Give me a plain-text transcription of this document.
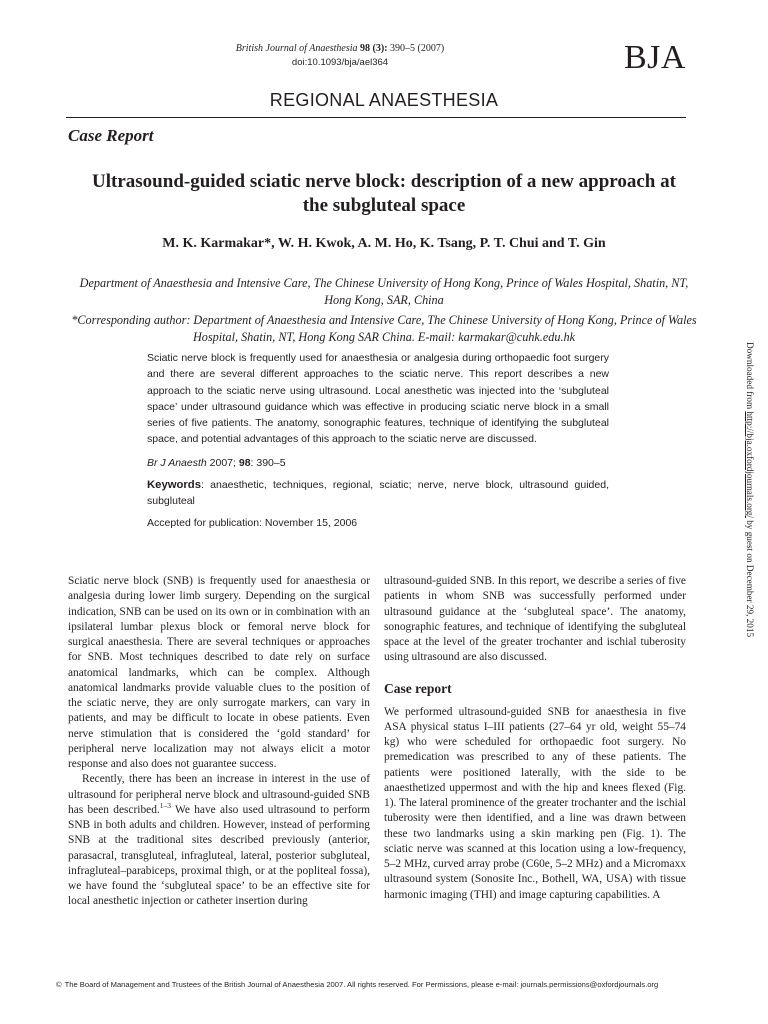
British Journal of Anaesthesia 98 (3): 390–5 (2007)
doi:10.1093/bja/ael364	BJA
REGIONAL ANAESTHESIA
Case Report
Ultrasound-guided sciatic nerve block: description of a new approach at the subgluteal space
M. K. Karmakar*, W. H. Kwok, A. M. Ho, K. Tsang, P. T. Chui and T. Gin
Department of Anaesthesia and Intensive Care, The Chinese University of Hong Kong, Prince of Wales Hospital, Shatin, NT, Hong Kong, SAR, China
*Corresponding author: Department of Anaesthesia and Intensive Care, The Chinese University of Hong Kong, Prince of Wales Hospital, Shatin, NT, Hong Kong SAR China. E-mail: karmakar@cuhk.edu.hk
Sciatic nerve block is frequently used for anaesthesia or analgesia during orthopaedic foot surgery and there are several different approaches to the sciatic nerve. This report describes a new approach to the sciatic nerve using ultrasound. Local anesthetic was injected into the ‘subgluteal space’ under ultrasound guidance which was effective in producing sciatic nerve block in a small series of five patients. The anatomy, sonographic features, technique of identifying the subgluteal space, and potential advantages of this approach to the sciatic nerve are discussed.
Br J Anaesth 2007; 98: 390–5
Keywords: anaesthetic, techniques, regional, sciatic; nerve, nerve block, ultrasound guided, subgluteal
Accepted for publication: November 15, 2006

Sciatic nerve block (SNB) is frequently used for anaesthesia or analgesia during lower limb surgery. Depending on the surgical indication, SNB can be used on its own or in combination with an ipsilateral lumbar plexus block or femoral nerve block for surgical anaesthesia. There are several techniques or approaches for SNB. Most techniques described to date rely on surface anatomical landmarks, which can be complex. Although anatomical landmarks provide valuable clues to the position of the sciatic nerve, they are only surrogate markers, can vary in patients, and may be difficult to locate in obese patients. Even nerve stimulation that is considered the ‘gold standard’ for peripheral nerve localization may not always elicit a motor response and also does not guarantee success.

Recently, there has been an increase in interest in the use of ultrasound for peripheral nerve block and ultrasound-guided SNB has been described.$^{1-3}$ We have also used ultrasound to perform SNB in both adults and children. However, instead of performing SNB at the traditional sites described previously (anterior, parasacral, transgluteal, infragluteal, lateral, posterior subgluteal, infragluteal–parabiceps, proximal thigh, or at the popliteal fossa), we have found the ‘subgluteal space’ to be an effective site for local anesthetic injection or catheter insertion during

ultrasound-guided SNB. In this report, we describe a series of five patients in whom SNB was successfully performed under ultrasound guidance at the ‘subgluteal space’. The anatomy, sonographic features, and technique of identifying the subgluteal space at the level of the greater trochanter and ischial tuberosity using ultrasound are also discussed.

Case report

We performed ultrasound-guided SNB for anaesthesia in five ASA physical status I–III patients (27–64 yr old, weight 55–74 kg) who were scheduled for orthopaedic foot surgery. No premedication was prescribed to any of these patients. The patients were positioned laterally, with the side to be anaesthetized uppermost and with the hip and knees flexed (Fig. 1). The lateral prominence of the greater trochanter and the ischial tuberosity were then identified, and a line was drawn between these two landmarks using a skin marking pen (Fig. 1). The sciatic nerve was scanned at this location using a low-frequency, 5–2 MHz, curved array probe (C60e, 5–2 MHz) and a Micromaxx ultrasound system (Sonosite Inc., Bothell, WA, USA) with tissue harmonic imaging (THI) and image capturing capabilities. A

© The Board of Management and Trustees of the British Journal of Anaesthesia 2007. All rights reserved. For Permissions, please e-mail: journals.permissions@oxfordjournals.org
Downloaded from http://bja.oxfordjournals.org/ by guest on December 29, 2015
